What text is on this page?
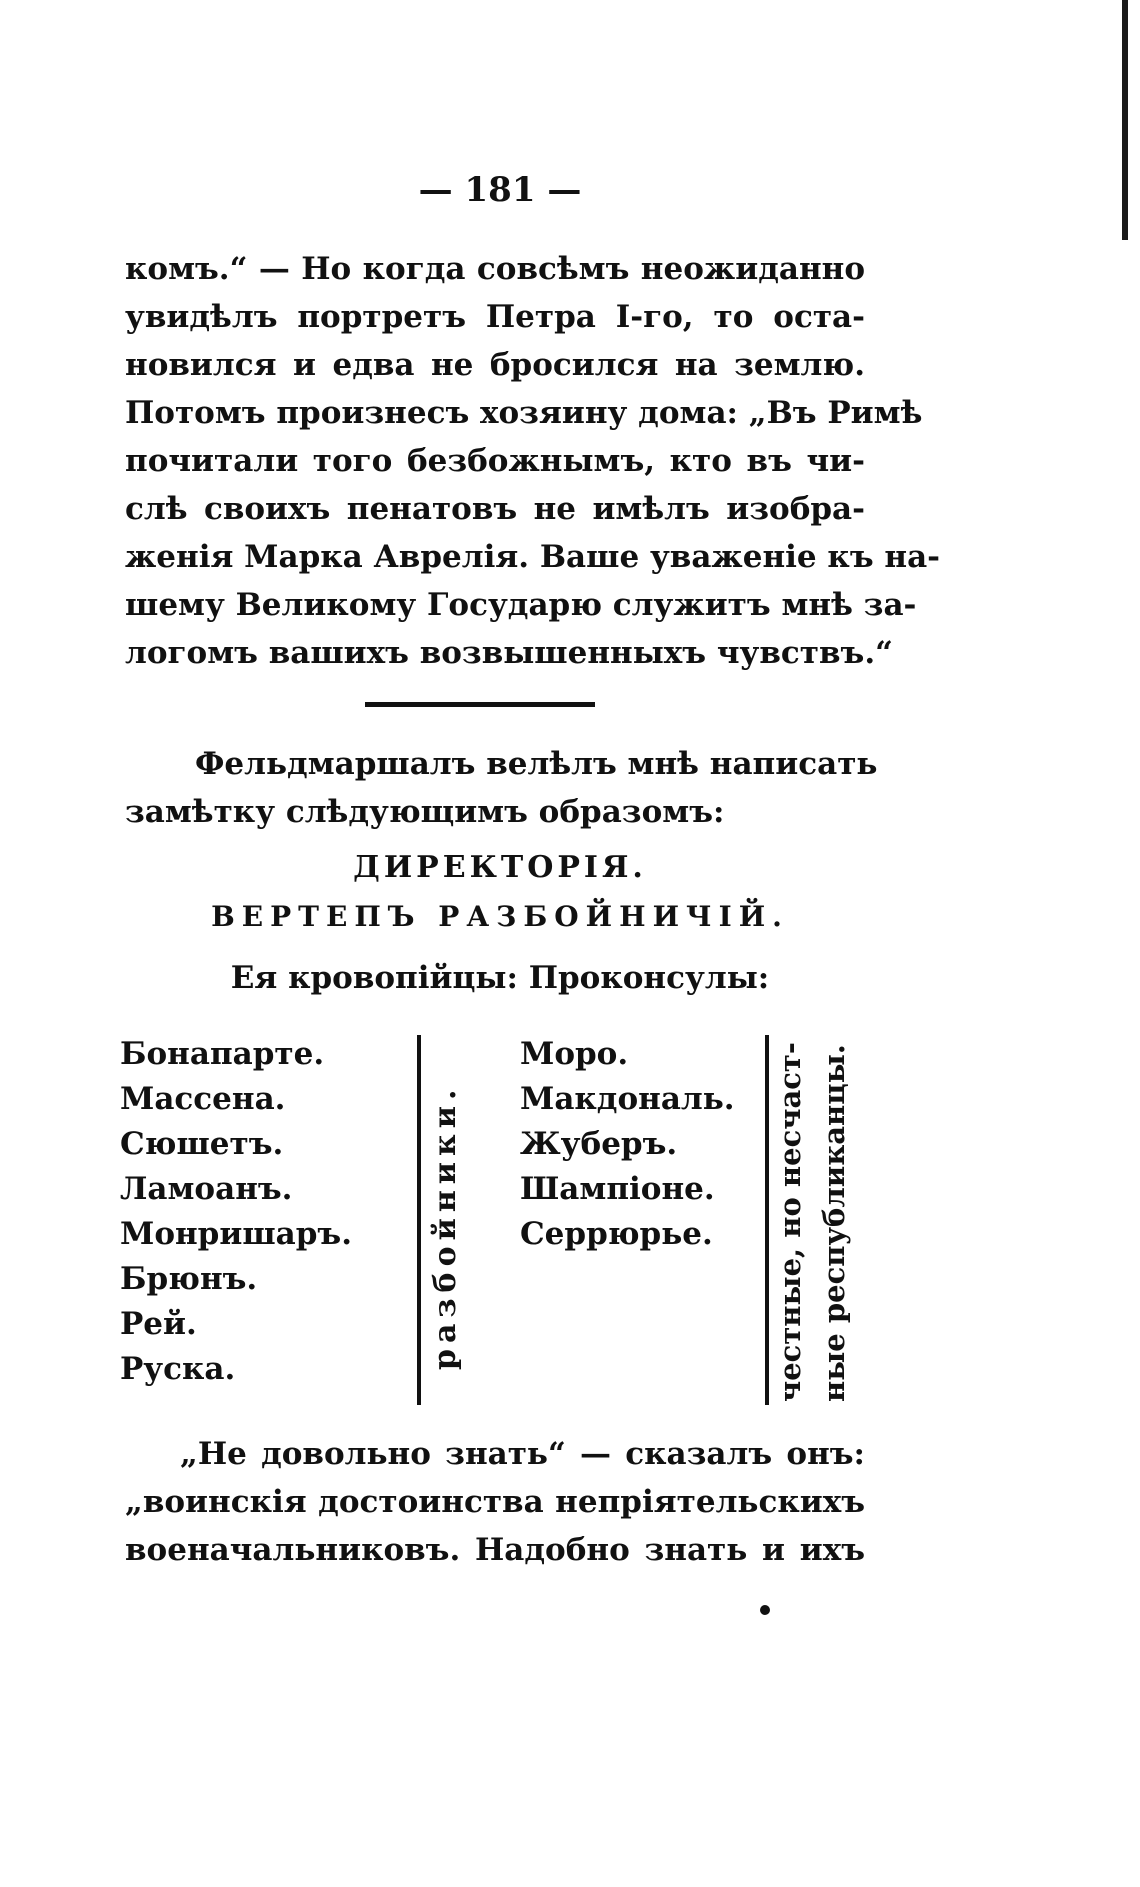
— 181 —
комъ.“ — Но когда совсѣмъ неожиданно
увидѣлъ портретъ Петра I-го, то оста-
новился и едва не бросился на землю.
Потомъ произнесъ хозяину дома: „Въ Римѣ
почитали того безбожнымъ, кто въ чи-
слѣ своихъ пенатовъ не имѣлъ изобра-
женія Марка Аврелія. Ваше уваженіе къ на-
шему Великому Государю служитъ мнѣ за-
логомъ вашихъ возвышенныхъ чувствъ.“
Фельдмаршалъ велѣлъ мнѣ написать
замѣтку слѣдующимъ образомъ:
ДИРЕКТОРІЯ.
ВЕРТЕПЪ РАЗБОЙНИЧІЙ.
Ея кровопійцы: Проконсулы:
Бонапарте.
Массена.
Сюшетъ.
Ламоанъ.
Монришаръ.
Брюнъ.
Рей.
Руска.	разбойники.
Моро.
Макдональ.
Жуберъ.
Шампіоне.
Серрюрье.	честные, но несчаст- ные республиканцы.
„Не довольно знать“ — сказалъ онъ:
„воинскія достоинства непріятельскихъ
военачальниковъ. Надобно знать и ихъ
